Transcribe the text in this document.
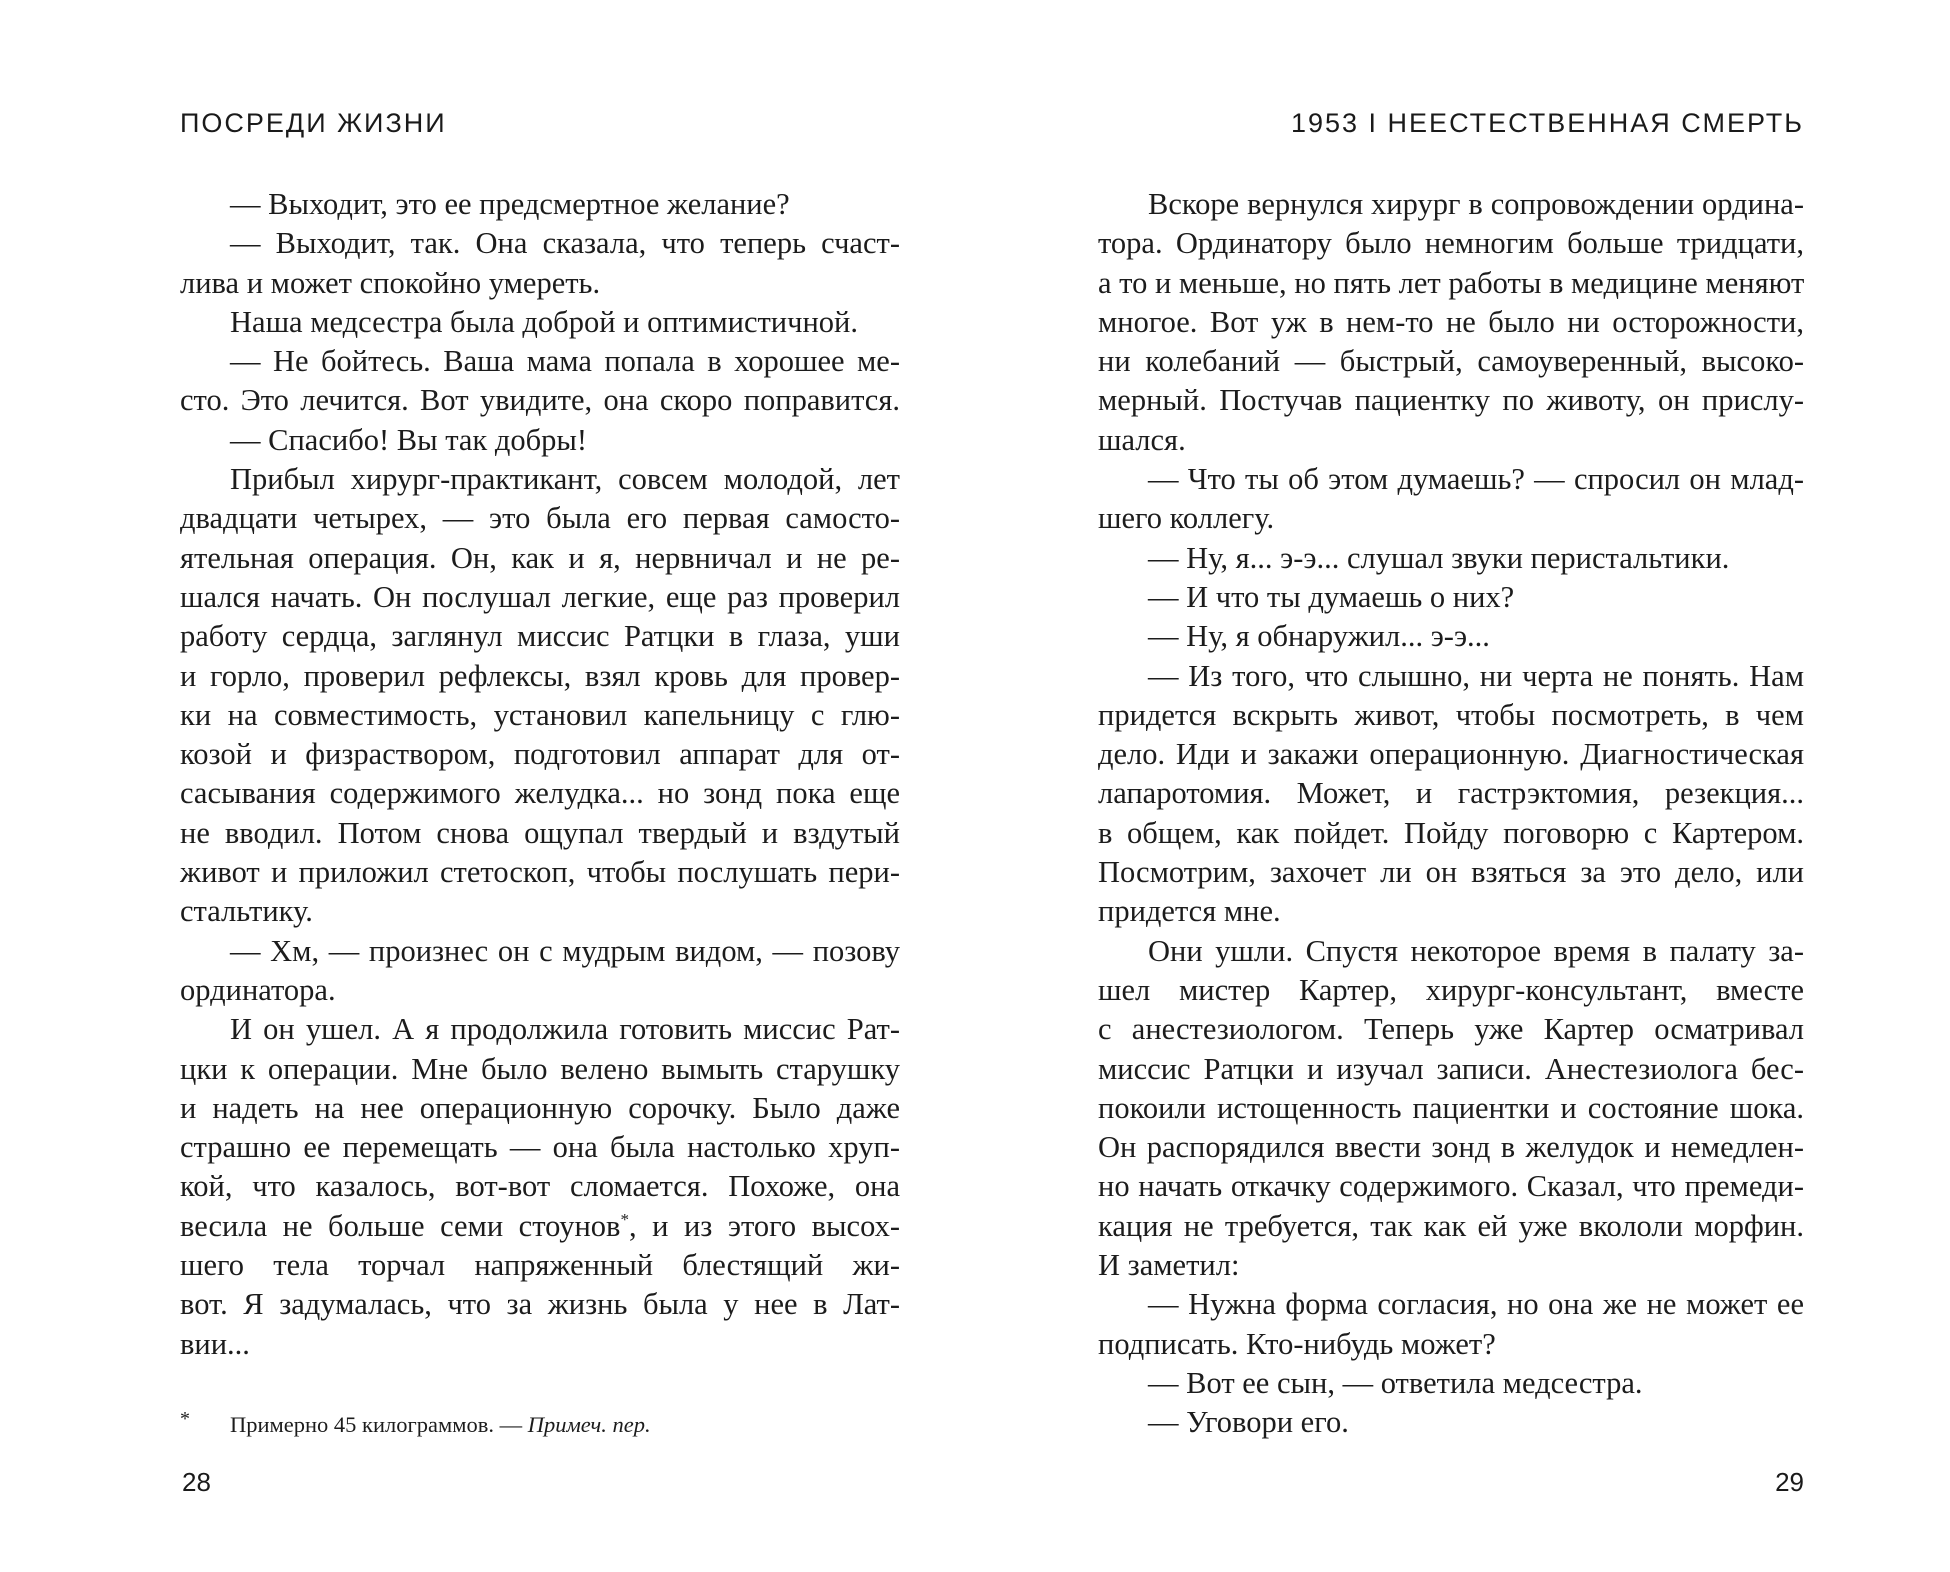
ПОСРЕДИ ЖИЗНИ
— Выходит, это ее предсмертное желание?
— Выходит, так. Она сказала, что теперь счаст-
лива и может спокойно умереть.
Наша медсестра была доброй и оптимистичной.
— Не бойтесь. Ваша мама попала в хорошее ме-
сто. Это лечится. Вот увидите, она скоро поправится.
— Спасибо! Вы так добры!
Прибыл хирург-практикант, совсем молодой, лет
двадцати четырех, — это была его первая самосто-
ятельная операция. Он, как и я, нервничал и не ре-
шался начать. Он послушал легкие, еще раз проверил
работу сердца, заглянул миссис Ратцки в глаза, уши
и горло, проверил рефлексы, взял кровь для провер-
ки на совместимость, установил капельницу с глю-
козой и физраствором, подготовил аппарат для от-
сасывания содержимого желудка... но зонд пока еще
не вводил. Потом снова ощупал твердый и вздутый
живот и приложил стетоскоп, чтобы послушать пери-
стальтику.
— Хм, — произнес он с мудрым видом, — позову
ординатора.
И он ушел. А я продолжила готовить миссис Рат-
цки к операции. Мне было велено вымыть старушку
и надеть на нее операционную сорочку. Было даже
страшно ее перемещать — она была настолько хруп-
кой, что казалось, вот-вот сломается. Похоже, она
весила не больше семи стоунов*, и из этого высох-
шего тела торчал напряженный блестящий жи-
вот. Я задумалась, что за жизнь была у нее в Лат-
вии...
* Примерно 45 килограммов. — Примеч. пер.
28
1953 I НЕЕСТЕСТВЕННАЯ СМЕРТЬ
Вскоре вернулся хирург в сопровождении ордина-
тора. Ординатору было немногим больше тридцати,
а то и меньше, но пять лет работы в медицине меняют
многое. Вот уж в нем-то не было ни осторожности,
ни колебаний — быстрый, самоуверенный, высоко-
мерный. Постучав пациентку по животу, он прислу-
шался.
— Что ты об этом думаешь? — спросил он млад-
шего коллегу.
— Ну, я... э-э... слушал звуки перистальтики.
— И что ты думаешь о них?
— Ну, я обнаружил... э-э...
— Из того, что слышно, ни черта не понять. Нам
придется вскрыть живот, чтобы посмотреть, в чем
дело. Иди и закажи операционную. Диагностическая
лапаротомия. Может, и гастрэктомия, резекция...
в общем, как пойдет. Пойду поговорю с Картером.
Посмотрим, захочет ли он взяться за это дело, или
придется мне.
Они ушли. Спустя некоторое время в палату за-
шел мистер Картер, хирург-консультант, вместе
с анестезиологом. Теперь уже Картер осматривал
миссис Ратцки и изучал записи. Анестезиолога бес-
покоили истощенность пациентки и состояние шока.
Он распорядился ввести зонд в желудок и немедлен-
но начать откачку содержимого. Сказал, что премеди-
кация не требуется, так как ей уже вкололи морфин.
И заметил:
— Нужна форма согласия, но она же не может ее
подписать. Кто-нибудь может?
— Вот ее сын, — ответила медсестра.
— Уговори его.
29
